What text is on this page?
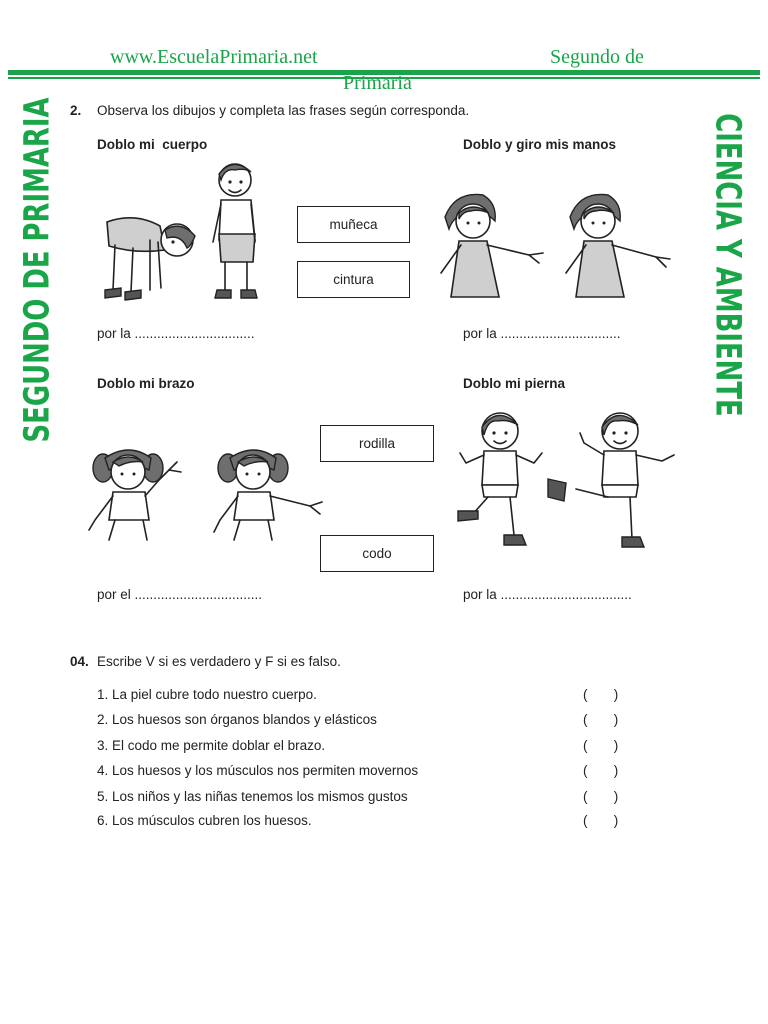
www.EscuelaPrimaria.net	Segundo de
Primaria
SEGUNDO DE PRIMARIA	CIENCIA Y AMBIENTE
2. Observa los dibujos y completa las frases según corresponda.
Doblo mi  cuerpo	Doblo y giro mis manos
muñeca
cintura
por la ................................	por la ................................
Doblo mi brazo	Doblo mi pierna
rodilla
codo
por el ..................................	por la ...................................
04. Escribe V si es verdadero y F si es falso.
1. La piel cubre todo nuestro cuerpo.	(       )
2. Los huesos son órganos blandos y elásticos	(       )
3. El codo me permite doblar el brazo.	(       )
4. Los huesos y los músculos nos permiten movernos	(       )
5. Los niños y las niñas tenemos los mismos gustos	(       )
6. Los músculos cubren los huesos.	(       )
